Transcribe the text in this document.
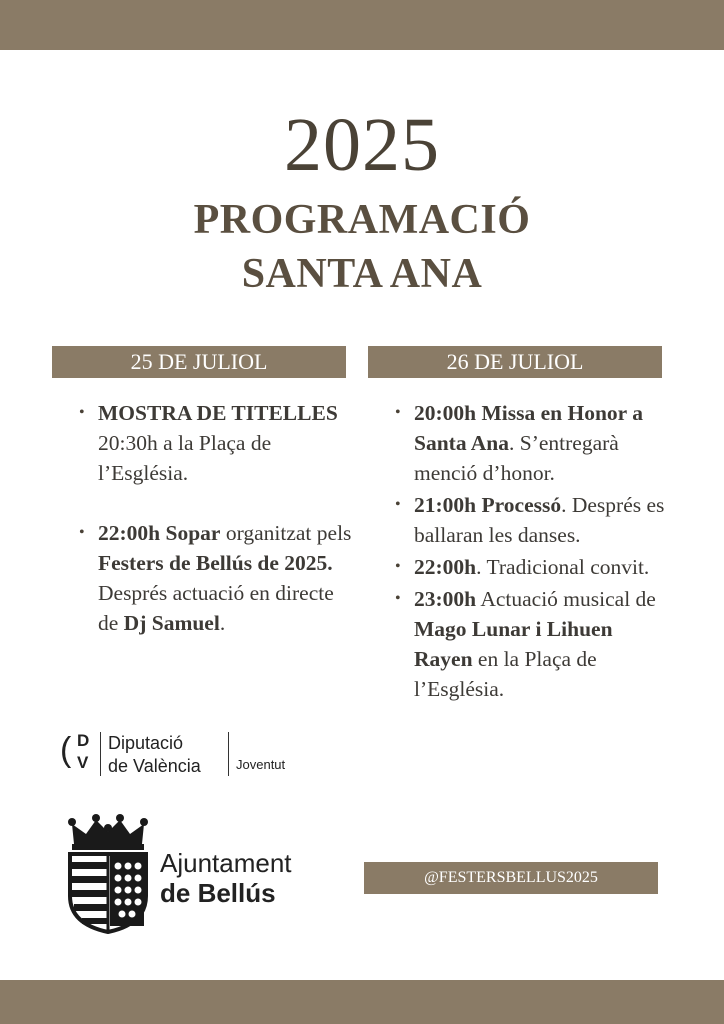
2025
PROGRAMACIÓ
SANTA ANA
25 DE JULIOL	26 DE JULIOL

• MOSTRA DE TITELLES 20:30h a la Plaça de l’Església.

• 22:00h Sopar organitzat pels Festers de Bellús de 2025. Després actuació en directe de Dj Samuel.

• 20:00h Missa en Honor a Santa Ana. S’entregarà menció d’honor.

• 21:00h Processó. Després es ballaran les danses.

• 22:00h. Tradicional convit.

• 23:00h Actuació musical de Mago Lunar i Lihuen Rayen en la Plaça de l’Església.

( D
V
Diputació
de València	Joventut
Ajuntament
de Bellús
@FESTERSBELLUS2025
